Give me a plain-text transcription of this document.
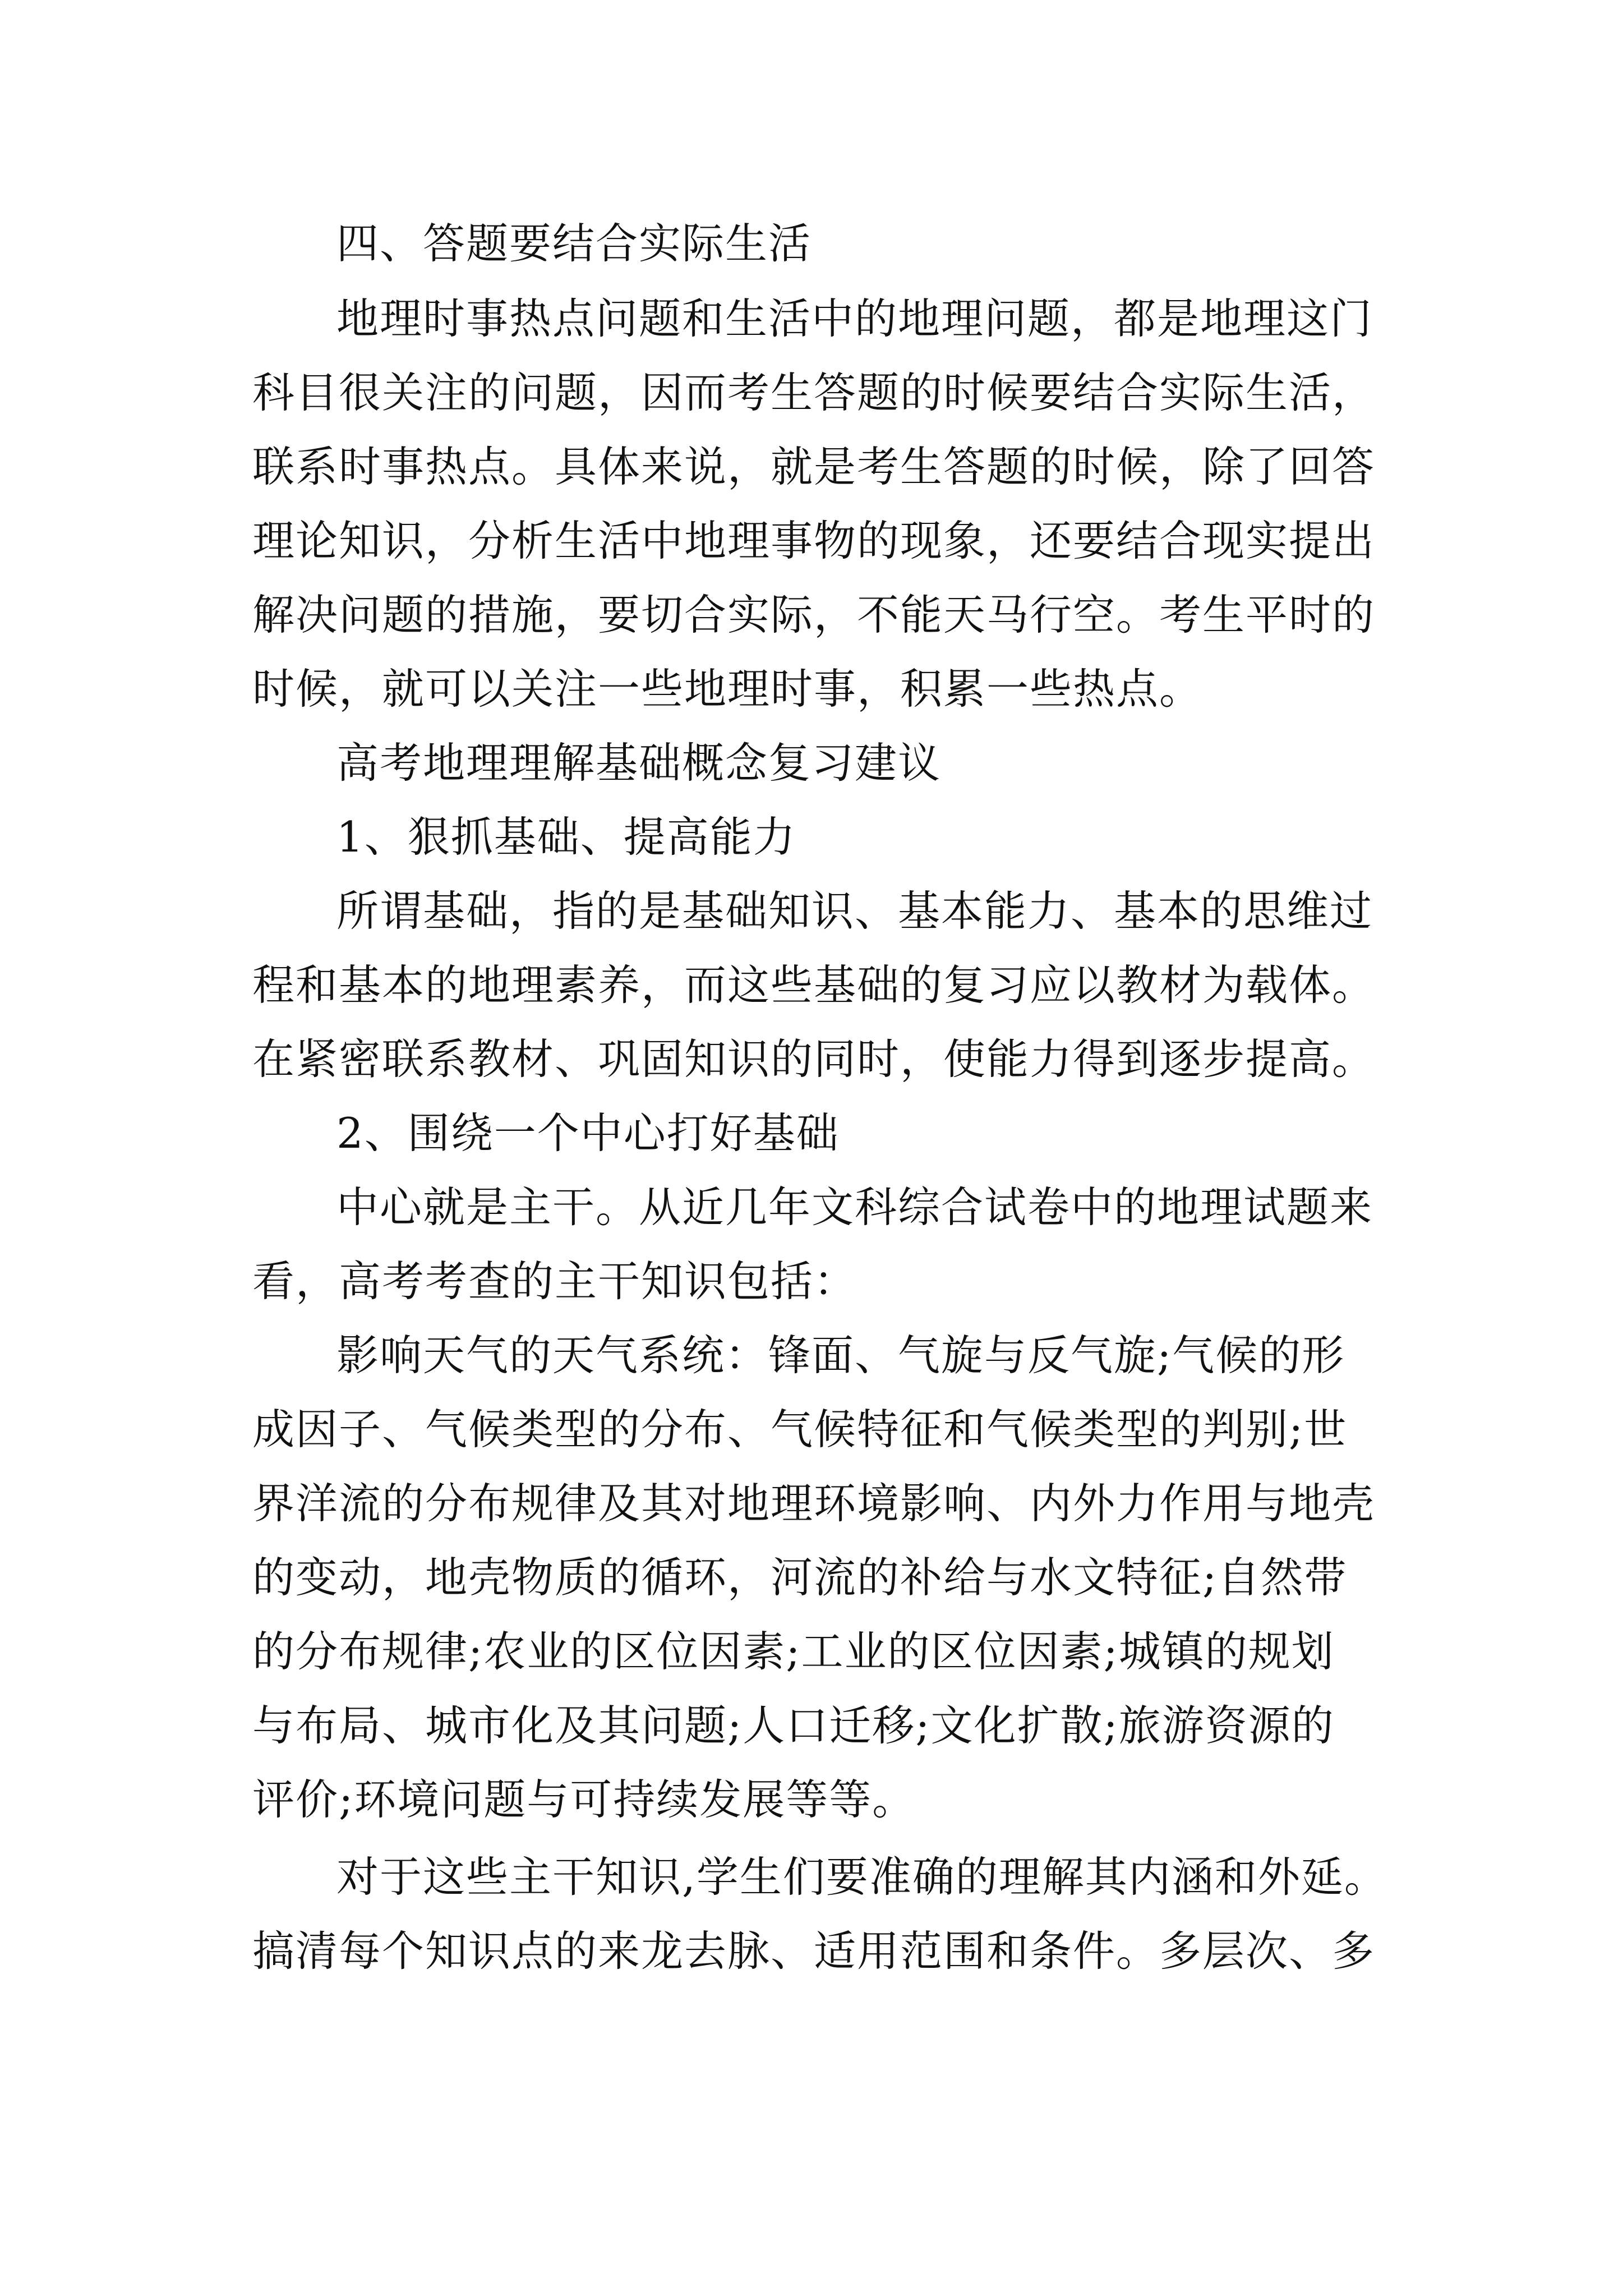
四、答题要结合实际生活
地理时事热点问题和生活中的地理问题，都是地理这门
科目很关注的问题，因而考生答题的时候要结合实际生活，
联系时事热点。具体来说，就是考生答题的时候，除了回答
理论知识，分析生活中地理事物的现象，还要结合现实提出
解决问题的措施，要切合实际，不能天马行空。考生平时的
时候，就可以关注一些地理时事，积累一些热点。
高考地理理解基础概念复习建议
1、狠抓基础、提高能力
所谓基础，指的是基础知识、基本能力、基本的思维过
程和基本的地理素养，而这些基础的复习应以教材为载体。
在紧密联系教材、巩固知识的同时，使能力得到逐步提高。
2、围绕一个中心打好基础
中心就是主干。从近几年文科综合试卷中的地理试题来
看，高考考查的主干知识包括：
影响天气的天气系统：锋面、气旋与反气旋;气候的形
成因子、气候类型的分布、气候特征和气候类型的判别;世
界洋流的分布规律及其对地理环境影响、内外力作用与地壳
的变动，地壳物质的循环，河流的补给与水文特征;自然带
的分布规律;农业的区位因素;工业的区位因素;城镇的规划
与布局、城市化及其问题;人口迁移;文化扩散;旅游资源的
评价;环境问题与可持续发展等等。
对于这些主干知识,学生们要准确的理解其内涵和外延。
搞清每个知识点的来龙去脉、适用范围和条件。多层次、多
